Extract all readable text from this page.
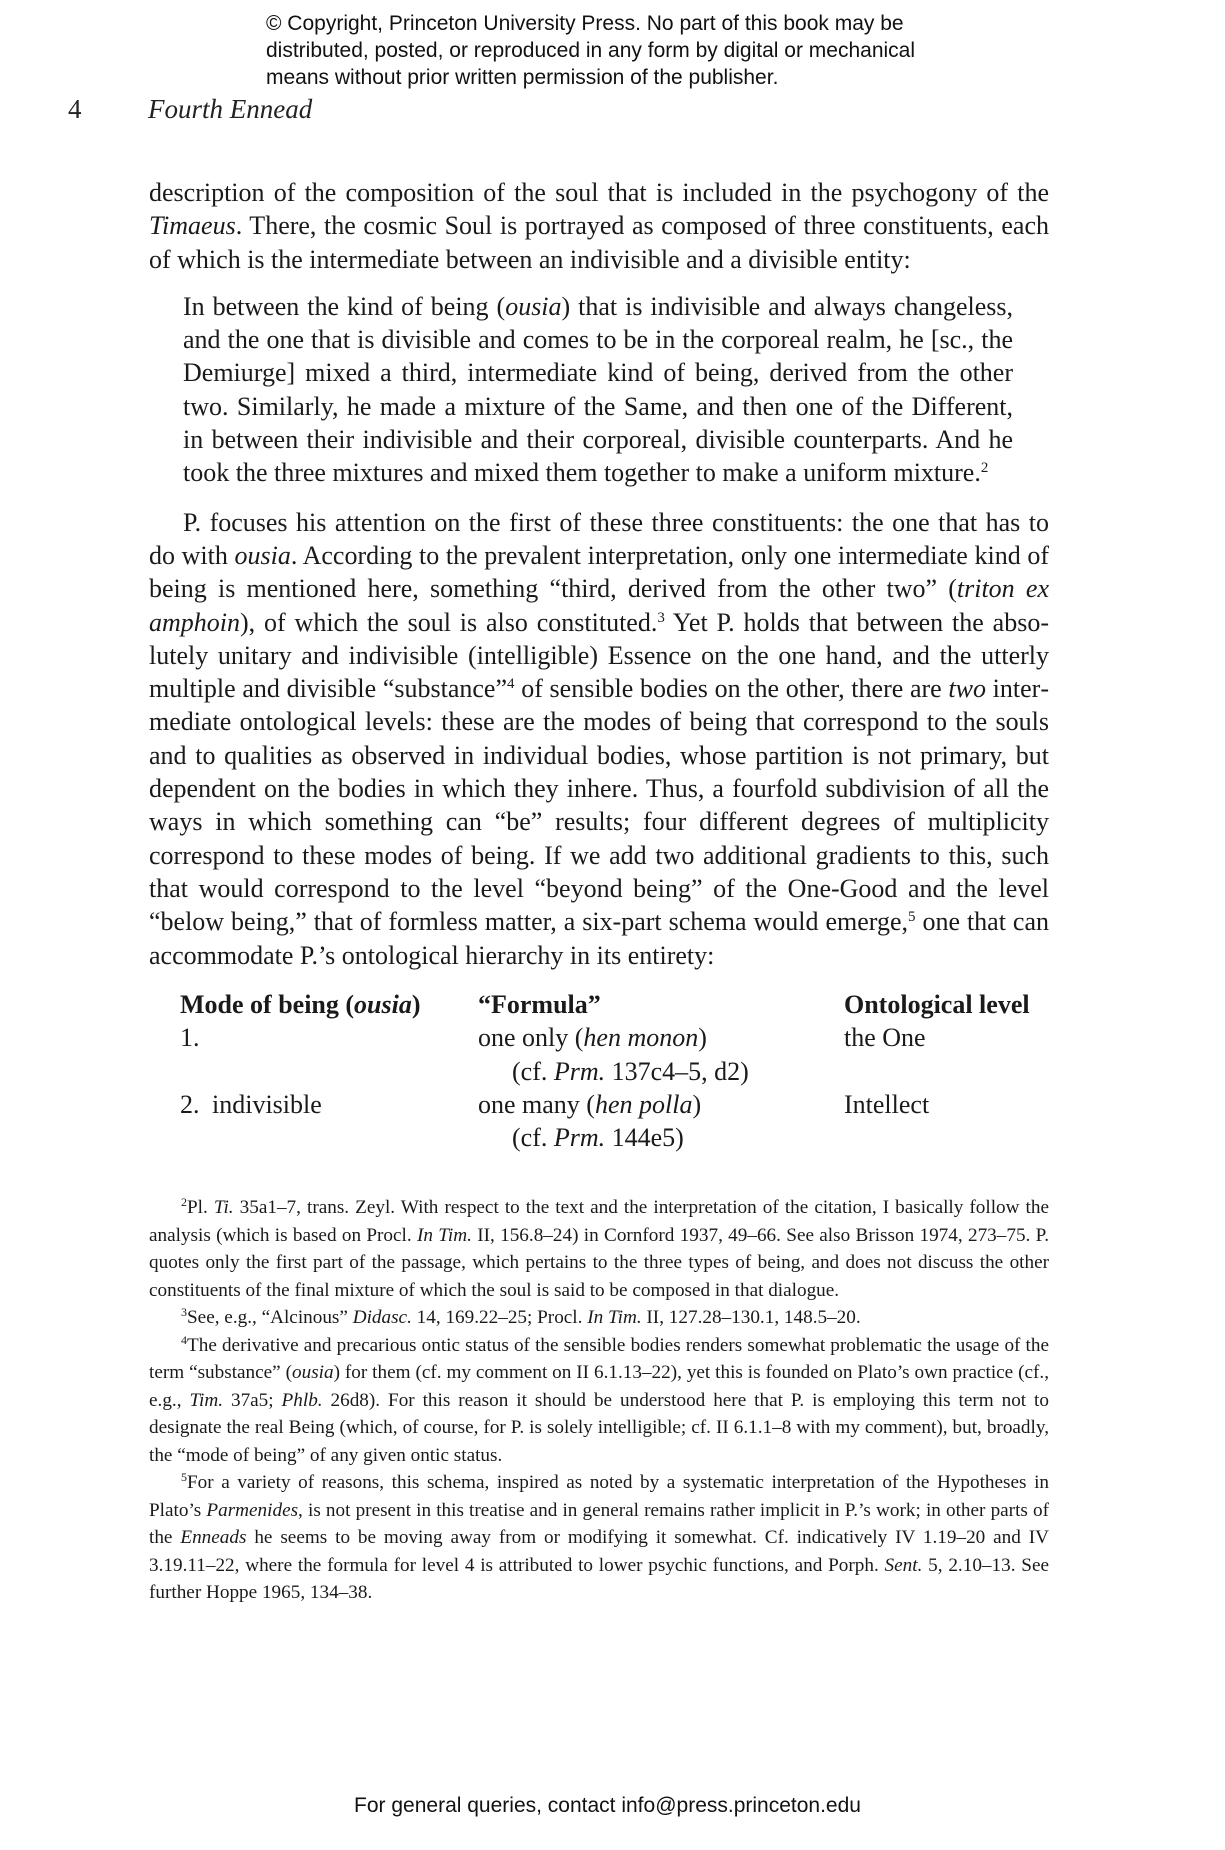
© Copyright, Princeton University Press. No part of this book may be
distributed, posted, or reproduced in any form by digital or mechanical
means without prior written permission of the publisher.
4 Fourth Ennead

description of the composition of the soul that is included in the psychogony of the Timaeus. There, the cosmic Soul is portrayed as composed of three constituents, each of which is the intermediate between an indivisible and a divisible entity:

In between the kind of being (ousia) that is indivisible and always changeless, and the one that is divisible and comes to be in the corporeal realm, he [sc., the Demiurge] mixed a third, intermediate kind of being, derived from the other two. Similarly, he made a mixture of the Same, and then one of the Different, in between their indivisible and their corporeal, divisible counterparts. And he took the three mixtures and mixed them together to make a uniform mixture.$^2$

P. focuses his attention on the first of these three constituents: the one that has to do with ousia. According to the prevalent interpretation, only one intermediate kind of being is mentioned here, something “third, derived from the other two” (triton ex amphoin), of which the soul is also constituted.$^3$ Yet P. holds that between the absolutely unitary and indivisible (intelligible) Essence on the one hand, and the utterly multiple and divisible “substance”$^4$ of sensible bodies on the other, there are two intermediate ontological levels: these are the modes of being that correspond to the souls and to qualities as observed in individual bodies, whose partition is not primary, but dependent on the bodies in which they inhere. Thus, a fourfold subdivision of all the ways in which something can “be” results; four different degrees of multiplicity correspond to these modes of being. If we add two additional gradients to this, such that would correspond to the level “beyond being” of the One-Good and the level “below being,” that of formless matter, a six-part schema would emerge,$^5$ one that can accommodate P.’s ontological hierarchy in its entirety:

Mode of being (ousia)	“Formula”	Ontological level
1.	one only (hen monon)	the One
(cf. Prm. 137c4–5, d2)
2. indivisible	one many (hen polla)	Intellect
(cf. Prm. 144e5)

$^2$Pl. Ti. 35a1–7, trans. Zeyl. With respect to the text and the interpretation of the citation, I basically follow the analysis (which is based on Procl. In Tim. II, 156.8–24) in Cornford 1937, 49–66. See also Brisson 1974, 273–75. P. quotes only the first part of the passage, which pertains to the three types of being, and does not discuss the other constituents of the final mixture of which the soul is said to be composed in that dialogue.

$^3$See, e.g., “Alcinous” Didasc. 14, 169.22–25; Procl. In Tim. II, 127.28–130.1, 148.5–20.

$^4$The derivative and precarious ontic status of the sensible bodies renders somewhat problematic the usage of the term “substance” (ousia) for them (cf. my comment on II 6.1.13–22), yet this is founded on Plato’s own practice (cf., e.g., Tim. 37a5; Phlb. 26d8). For this reason it should be understood here that P. is employing this term not to designate the real Being (which, of course, for P. is solely intelligible; cf. II 6.1.1–8 with my comment), but, broadly, the “mode of being” of any given ontic status.

$^5$For a variety of reasons, this schema, inspired as noted by a systematic interpretation of the Hypotheses in Plato’s Parmenides, is not present in this treatise and in general remains rather implicit in P.’s work; in other parts of the Enneads he seems to be moving away from or modifying it somewhat. Cf. indicatively IV 1.19–20 and IV 3.19.11–22, where the formula for level 4 is attributed to lower psychic functions, and Porph. Sent. 5, 2.10–13. See further Hoppe 1965, 134–38.

For general queries, contact info@press.princeton.edu
